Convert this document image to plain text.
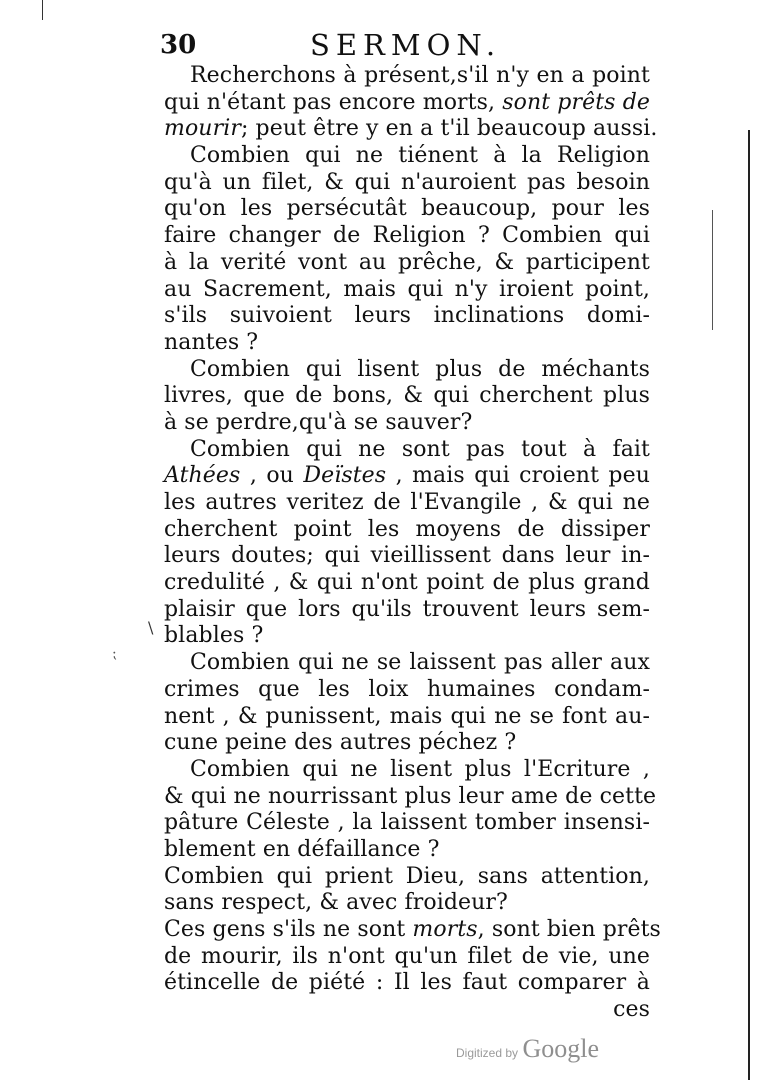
30	SERMON.
Recherchons à présent,s'il n'y en a point
qui n'étant pas encore morts, sont prêts de
mourir; peut être y en a t'il beaucoup aussi.
Combien qui ne tiénent à la Religion
qu'à un filet, & qui n'auroient pas besoin
qu'on les persécutât beaucoup, pour les
faire changer de Religion ? Combien qui
à la verité vont au prêche, & participent
au Sacrement, mais qui n'y iroient point,
s'ils suivoient leurs inclinations domi-
nantes ?
Combien qui lisent plus de méchants
livres, que de bons, & qui cherchent plus
à se perdre,qu'à se sauver?
Combien qui ne sont pas tout à fait
Athées , ou Deïstes , mais qui croient peu
les autres veritez de l'Evangile , & qui ne
cherchent point les moyens de dissiper
leurs doutes; qui vieillissent dans leur in-
credulité , & qui n'ont point de plus grand
plaisir que lors qu'ils trouvent leurs sem-
blables ?
Combien qui ne se laissent pas aller aux
crimes que les loix humaines condam-
nent , & punissent, mais qui ne se font au-
cune peine des autres péchez ?
Combien qui ne lisent plus l'Ecriture ,
& qui ne nourrissant plus leur ame de cette
pâture Céleste , la laissent tomber insensi-
blement en défaillance ?
Combien qui prient Dieu, sans attention,
sans respect, & avec froideur?
Ces gens s'ils ne sont morts, sont bien prêts
de mourir, ils n'ont qu'un filet de vie, une
étincelle de piété : Il les faut comparer à
ces
⁏
\
Digitized by Google
